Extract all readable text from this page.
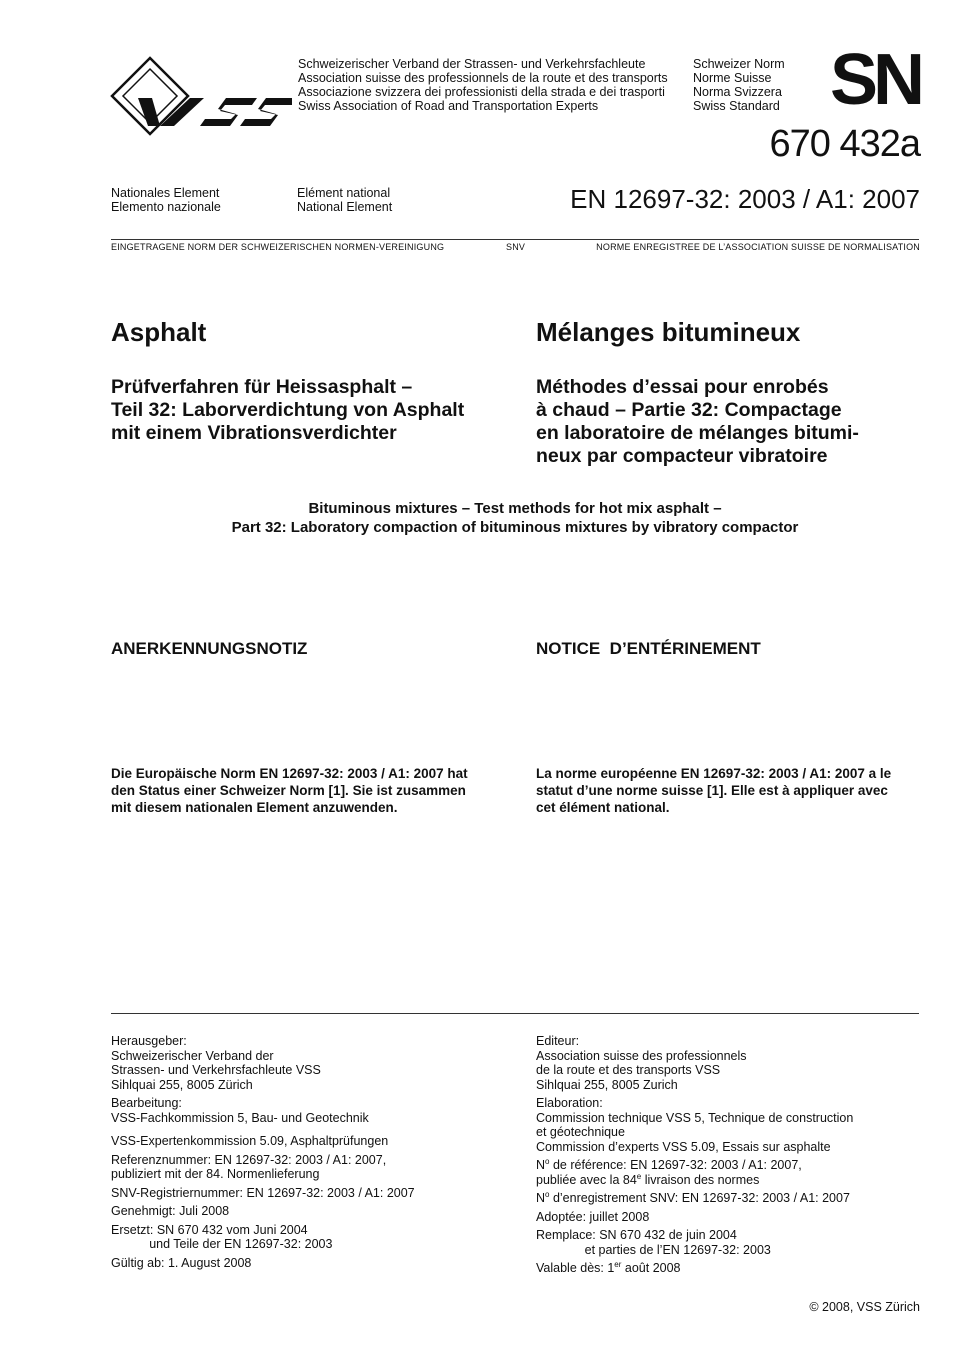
Schweizerischer Verband der Strassen- und Verkehrsfachleute
Association suisse des professionnels de la route et des transports
Associazione svizzera dei professionisti della strada e dei trasporti
Swiss Association of Road and Transportation Experts
Schweizer Norm
Norme Suisse
Norma Svizzera
Swiss Standard SN
670 432a
Nationales Element
Elemento nazionale
Elément national
National Element	EN 12697-32: 2003 / A1: 2007
EINGETRAGENE NORM DER SCHWEIZERISCHEN NORMEN-VEREINIGUNG	SNV	NORME ENREGISTREE DE L’ASSOCIATION SUISSE DE NORMALISATION
Asphalt	Mélanges bitumineux
Prüfverfahren für Heissasphalt –
Teil 32: Laborverdichtung von Asphalt
mit einem Vibrationsverdichter
Méthodes d’essai pour enrobés
à chaud – Partie 32: Compactage
en laboratoire de mélanges bitumi-
neux par compacteur vibratoire
Bituminous mixtures – Test methods for hot mix asphalt –
Part 32: Laboratory compaction of bituminous mixtures by vibratory compactor
ANERKENNUNGSNOTIZ	NOTICE  D’ENTÉRINEMENT
Die Europäische Norm EN 12697-32: 2003 / A1: 2007 hat
den Status einer Schweizer Norm [1]. Sie ist zusammen
mit diesem nationalen Element anzuwenden.
La norme européenne EN 12697-32: 2003 / A1: 2007 a le
statut d’une norme suisse [1]. Elle est à appliquer avec
cet élément national.
Herausgeber:
Schweizerischer Verband der
Strassen- und Verkehrsfachleute VSS
Sihlquai 255, 8005 Zürich
Bearbeitung:
VSS-Fachkommission 5, Bau- und Geotechnik
VSS-Expertenkommission 5.09, Asphaltprüfungen
Referenznummer: EN 12697-32: 2003 / A1: 2007,
publiziert mit der 84. Normenlieferung
SNV-Registriernummer: EN 12697-32: 2003 / A1: 2007
Genehmigt: Juli 2008
Ersetzt: SN 670 432 vom Juni 2004
und Teile der EN 12697-32: 2003
Gültig ab: 1. August 2008
Editeur:
Association suisse des professionnels
de la route et des transports VSS
Sihlquai 255, 8005 Zurich
Elaboration:
Commission technique VSS 5, Technique de construction
et géotechnique
Commission d’experts VSS 5.09, Essais sur asphalte
$N^o$ de référence: EN 12697-32: 2003 / A1: 2007,
publiée avec la 84e livraison des normes
$N^o$ d’enregistrement SNV: EN 12697-32: 2003 / A1: 2007
Adoptée: juillet 2008
Remplace: SN 670 432 de juin 2004
et parties de l’EN 12697-32: 2003
Valable dès: 1er août 2008
© 2008, VSS Zürich
